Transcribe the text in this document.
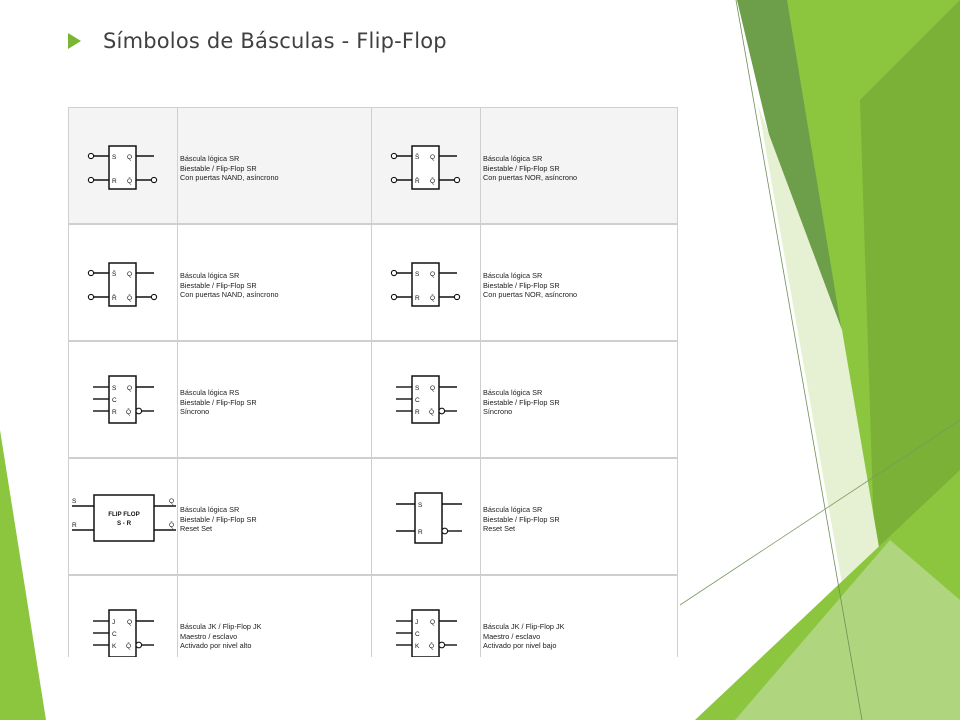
Símbolos de Básculas - Flip-Flop
S
R
Q
Q̄
Báscula lógica SR
Biestable / Flip-Flop SR
Con puertas NAND, asíncrono
S̄
R̄
Q
Q̄
Báscula lógica SR
Biestable / Flip-Flop SR
Con puertas NOR, asíncrono
S̄
R̄
Q
Q̄
Báscula lógica SR
Biestable / Flip-Flop SR
Con puertas NAND, asíncrono
S
R
Q
Q̄
Báscula lógica SR
Biestable / Flip-Flop SR
Con puertas NOR, asíncrono
S
C
R
Q
Q̄
Báscula lógica RS
Biestable / Flip-Flop SR
Síncrono
S
C
R
Q
Q̄
Báscula lógica SR
Biestable / Flip-Flop SR
Síncrono
S
R
Q
Q̄
FLIP FLOP
S - R
Báscula lógica SR
Biestable / Flip-Flop SR
Reset Set
S
R
Báscula lógica SR
Biestable / Flip-Flop SR
Reset Set
J
C
K
Q
Q̄
Báscula JK / Flip-Flop JK
Maestro / esclavo
Activado por nivel alto
J
C
K
Q
Q̄
Báscula JK / Flip-Flop JK
Maestro / esclavo
Activado por nivel bajo
